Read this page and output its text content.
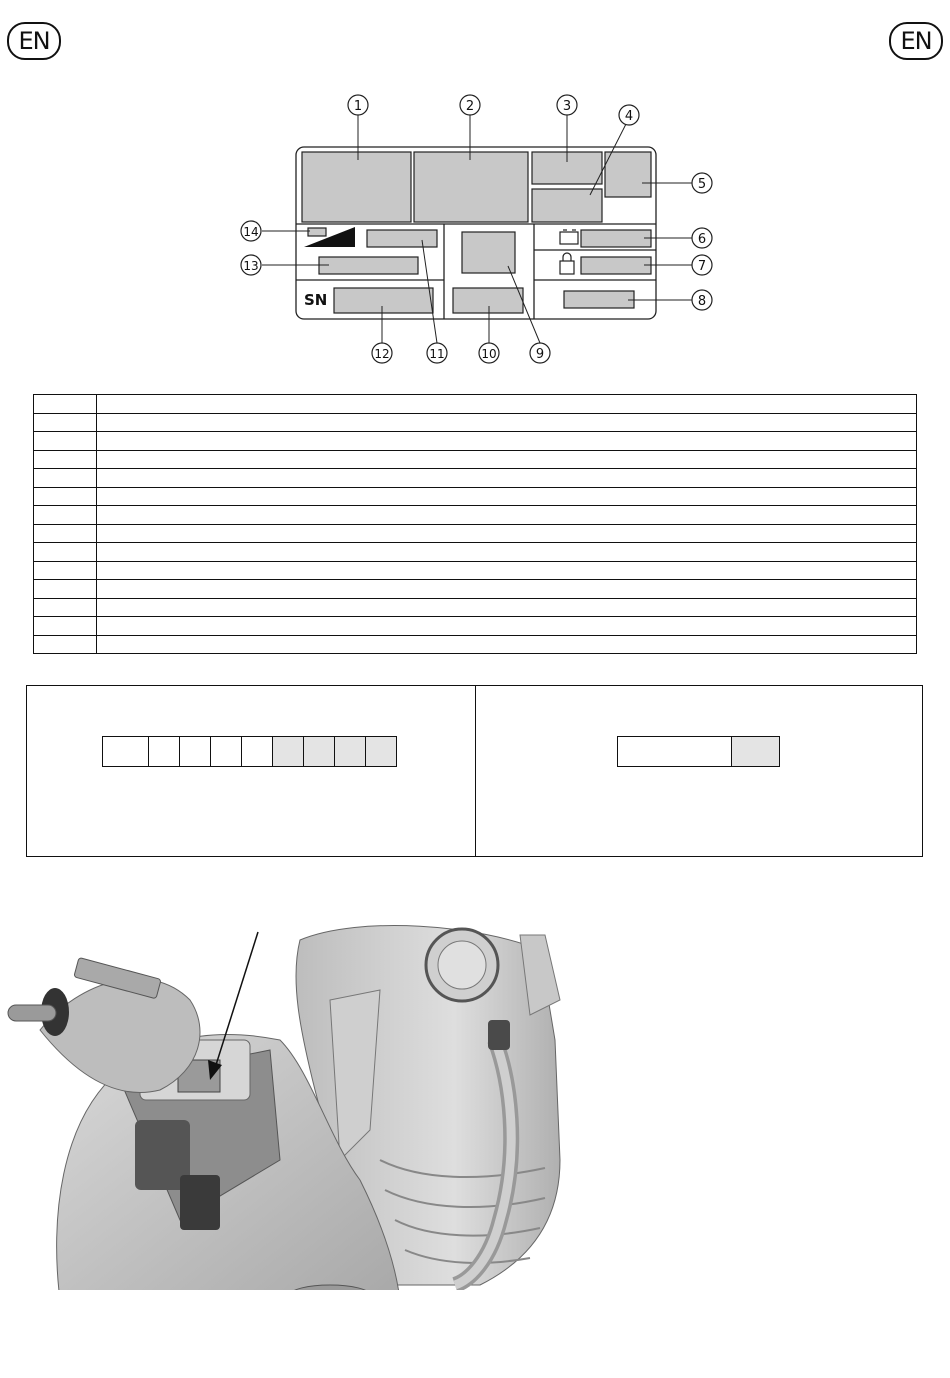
EN	EN
SN
1	2	3
4
5
6
7
8
9
10
11
12
13
14
